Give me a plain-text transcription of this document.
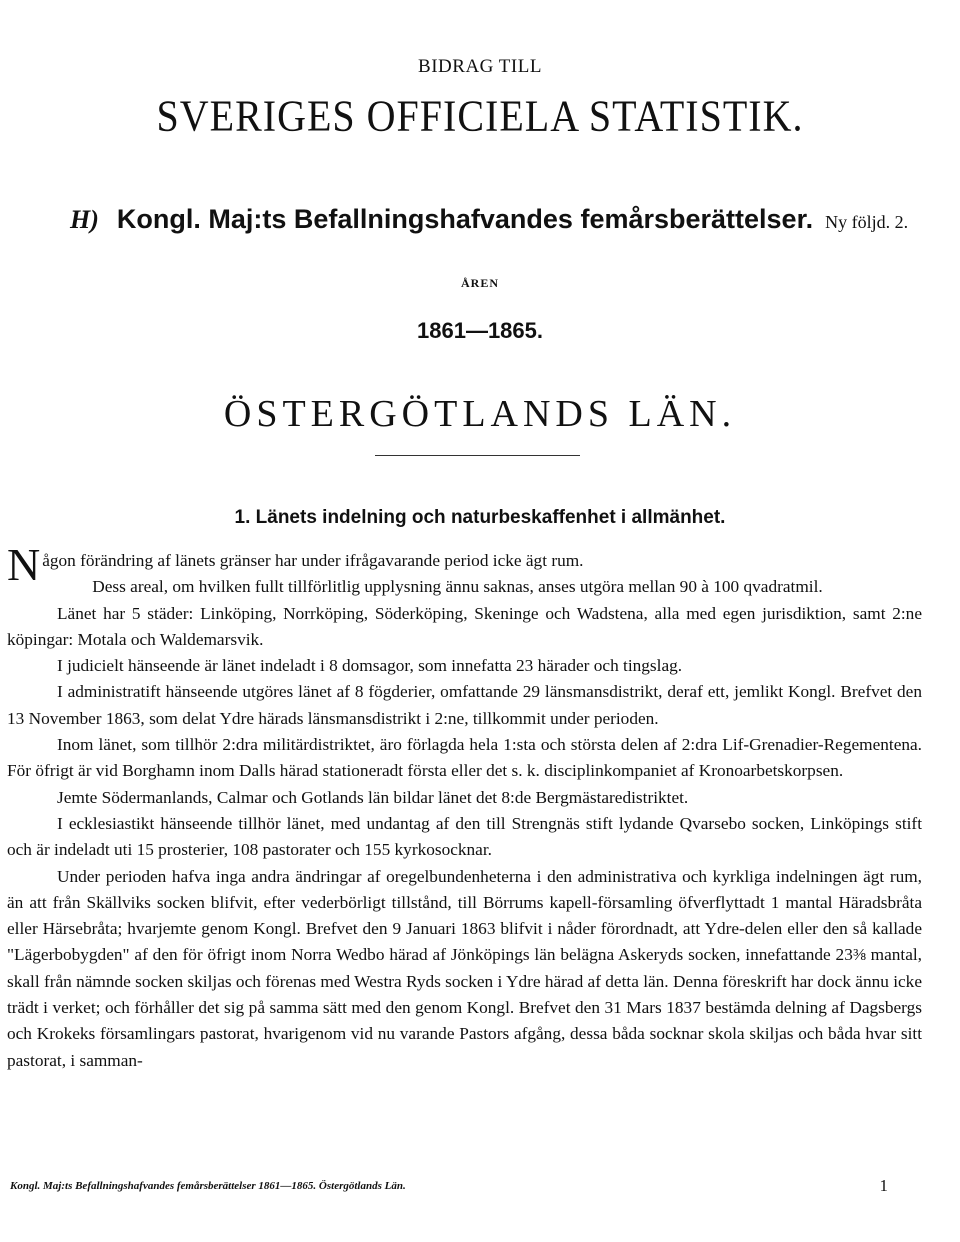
BIDRAG TILL
SVERIGES OFFICIELA STATISTIK.
H) Kongl. Maj:ts Befallningshafvandes femårsberättelser. Ny följd. 2.
ÅREN
1861—1865.
ÖSTERGÖTLANDS LÄN.
1. Länets indelning och naturbeskaffenhet i allmänhet.

Någon förändring af länets gränser har under ifrågavarande period icke ägt rum.

Dess areal, om hvilken fullt tillförlitlig upplysning ännu saknas, anses utgöra mellan 90 à 100 qvadratmil.

Länet har 5 städer: Linköping, Norrköping, Söderköping, Skeninge och Wadstena, alla med egen jurisdiktion, samt 2:ne köpingar: Motala och Waldemarsvik.

I judicielt hänseende är länet indeladt i 8 domsagor, som innefatta 23 härader och tingslag.

I administratift hänseende utgöres länet af 8 fögderier, omfattande 29 länsmansdistrikt, deraf ett, jemlikt Kongl. Brefvet den 13 November 1863, som delat Ydre härads länsmansdistrikt i 2:ne, tillkommit under perioden.

Inom länet, som tillhör 2:dra militärdistriktet, äro förlagda hela 1:sta och största delen af 2:dra Lif-Grenadier-Regementena. För öfrigt är vid Borghamn inom Dalls härad stationeradt första eller det s. k. disciplinkompaniet af Kronoarbetskorpsen.

Jemte Södermanlands, Calmar och Gotlands län bildar länet det 8:de Bergmästaredistriktet.

I ecklesiastikt hänseende tillhör länet, med undantag af den till Strengnäs stift lydande Qvarsebo socken, Linköpings stift och är indeladt uti 15 prosterier, 108 pastorater och 155 kyrkosocknar.

Under perioden hafva inga andra ändringar af oregelbundenheterna i den administrativa och kyrkliga indelningen ägt rum, än att från Skällviks socken blifvit, efter vederbörligt tillstånd, till Börrums kapell-församling öfverflyttadt 1 mantal Häradsbråta eller Härsebråta; hvarjemte genom Kongl. Brefvet den 9 Januari 1863 blifvit i nåder förordnadt, att Ydre-delen eller den så kallade "Lägerbobygden" af den för öfrigt inom Norra Wedbo härad af Jönköpings län belägna Askeryds socken, innefattande 23⅜ mantal, skall från nämnde socken skiljas och förenas med Westra Ryds socken i Ydre härad af detta län. Denna föreskrift har dock ännu icke trädt i verket; och förhåller det sig på samma sätt med den genom Kongl. Brefvet den 31 Mars 1837 bestämda delning af Dagsbergs och Krokeks församlingars pastorat, hvarigenom vid nu varande Pastors afgång, dessa båda socknar skola skiljas och båda hvar sitt pastorat, i samman-

Kongl. Maj:ts Befallningshafvandes femårsberättelser 1861—1865. Östergötlands Län.	1
